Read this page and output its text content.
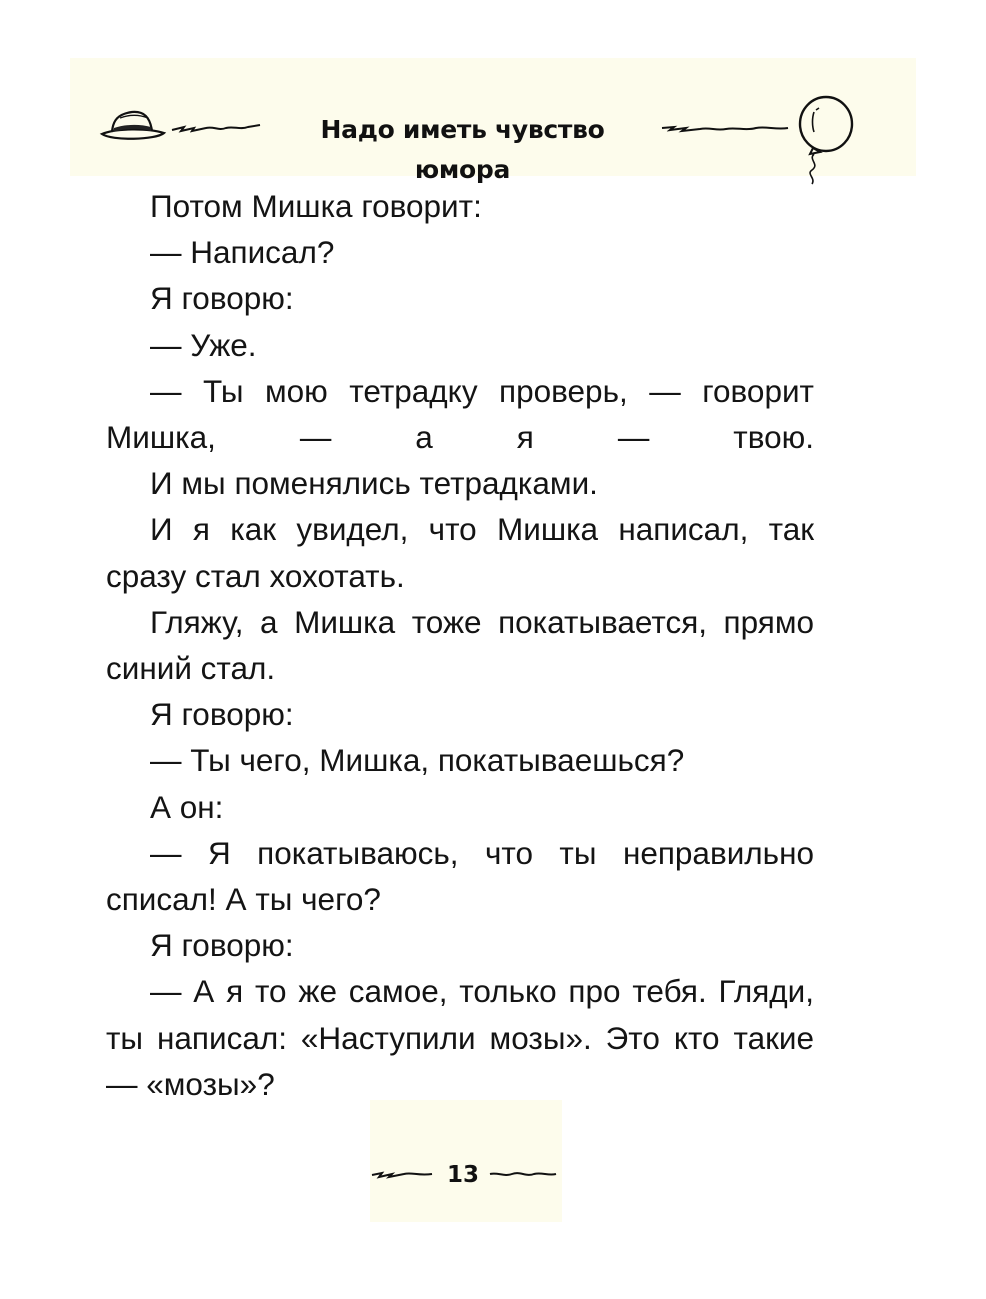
Надо иметь чувство юмора

Потом Мишка говорит:

— Написал?

Я говорю:

— Уже.

— Ты мою тетрадку проверь, — говорит Мишка, — а я — твою.

И мы поменялись тетрадками.

И я как увидел, что Мишка написал, так сразу стал хохотать.

Гляжу, а Мишка тоже покатывается, прямо синий стал.

Я говорю:

— Ты чего, Мишка, покатываешься?

А он:

— Я покатываюсь, что ты неправильно списал! А ты чего?

Я говорю:

— А я то же самое, только про тебя. Гляди, ты написал: «Наступили мозы». Это кто такие — «мозы»?

13
